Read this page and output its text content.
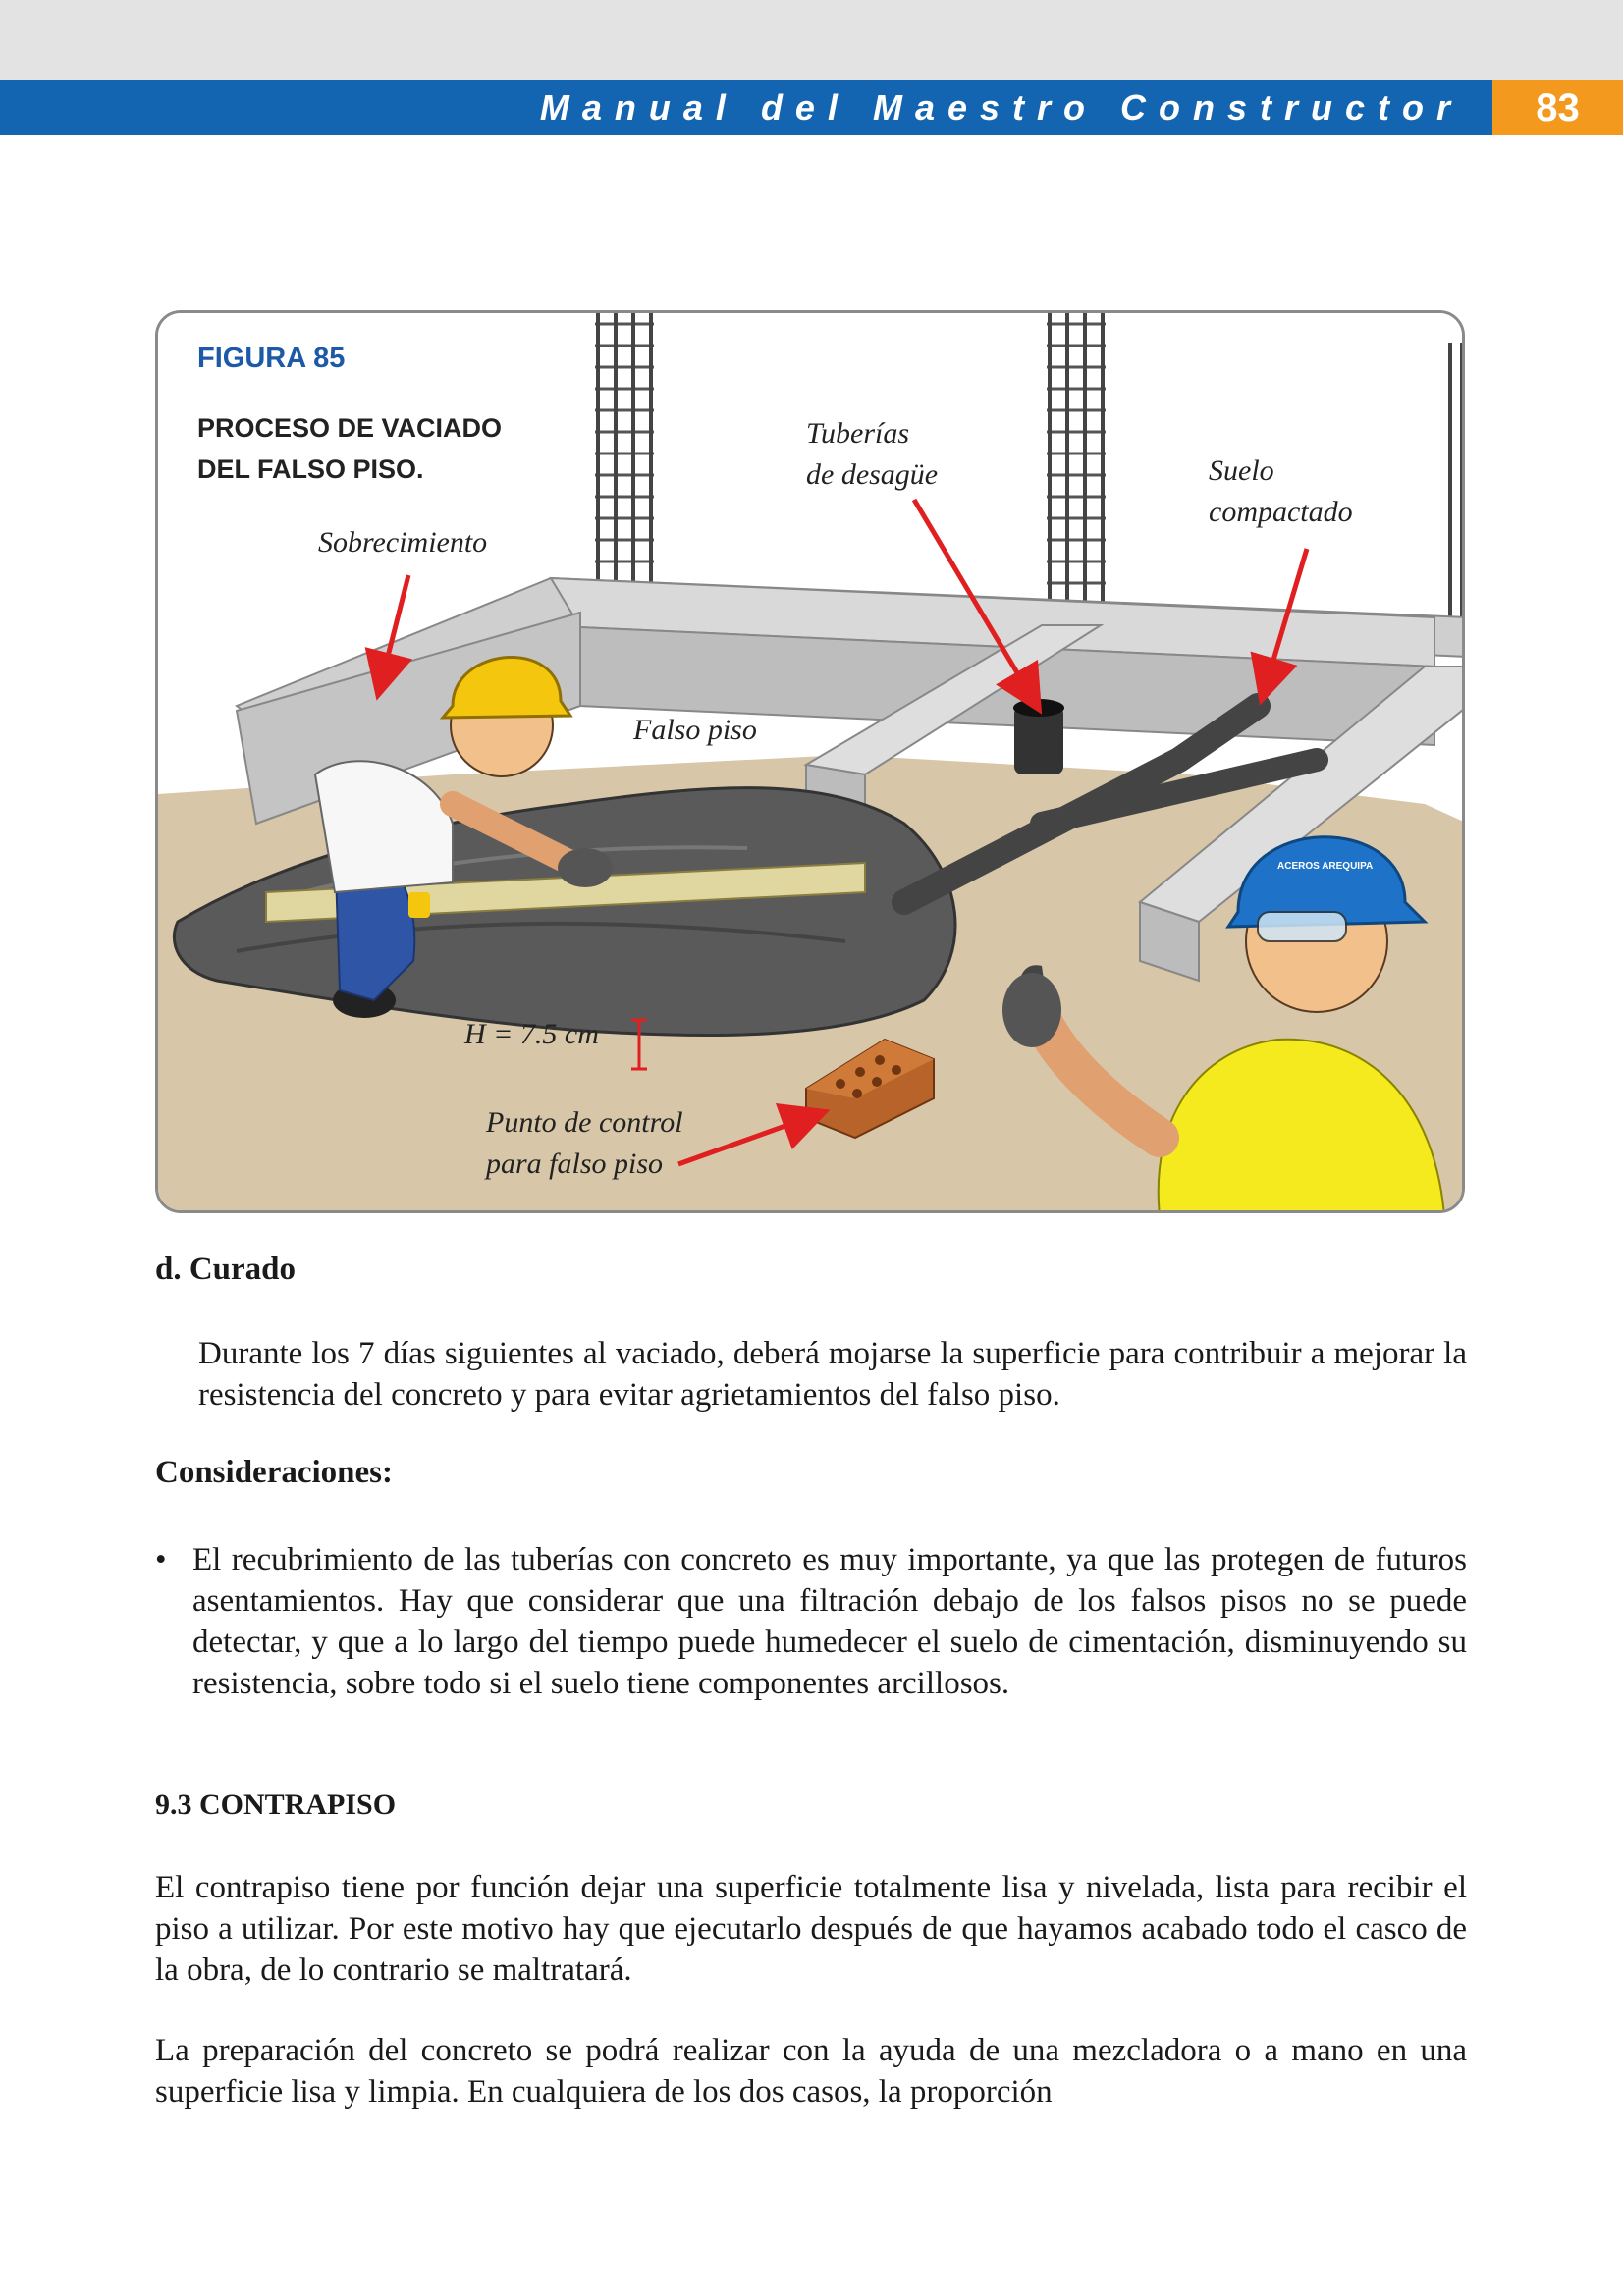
Manual del Maestro Constructor	83
ACEROS AREQUIPA
FIGURA 85
PROCESO DE VACIADO DEL FALSO PISO.
Sobrecimiento
Tuberías
de desagüe	Suelo
compactado
Falso piso
H = 7.5 cm
Punto de control
para falso piso
d. Curado
Durante los 7 días siguientes al vaciado, deberá mojarse la superficie para contribuir a mejorar la resistencia del concreto y para evitar agrietamientos del falso piso.
Consideraciones:
• El recubrimiento de las tuberías con concreto es muy importante, ya que las protegen de futuros asentamientos. Hay que considerar que una filtración debajo de los falsos pisos no se puede detectar, y que a lo largo del tiempo puede humedecer el suelo de cimentación, disminuyendo su resistencia, sobre todo si el suelo tiene componentes arcillosos.
9.3 CONTRAPISO
El contrapiso tiene por función dejar una superficie totalmente lisa y nivelada, lista para recibir el piso a utilizar. Por este motivo hay que ejecutarlo después de que hayamos acabado todo el casco de la obra, de lo contrario se maltratará.
La preparación del concreto se podrá realizar con la ayuda de una mezcladora o a mano en una superficie lisa y limpia. En cualquiera de los dos casos, la proporción
